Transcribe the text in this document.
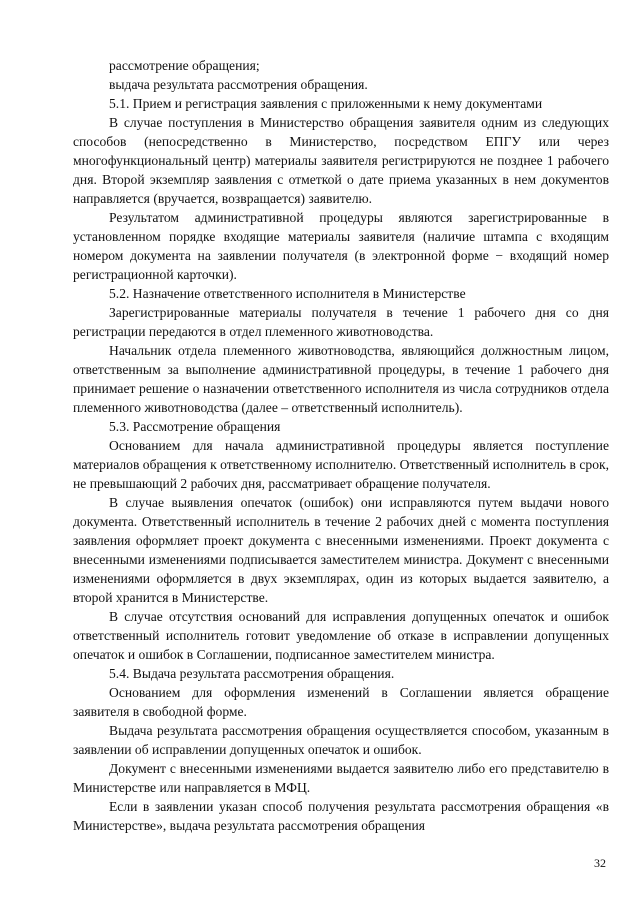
рассмотрение обращения;

выдача результата рассмотрения обращения.

5.1. Прием и регистрация заявления с приложенными к нему документами

В случае поступления в Министерство обращения заявителя одним из следующих способов (непосредственно в Министерство, посредством ЕПГУ или через многофункциональный центр) материалы заявителя регистрируются не позднее 1 рабочего дня. Второй экземпляр заявления с отметкой о дате приема указанных в нем документов направляется (вручается, возвращается) заявителю.

Результатом административной процедуры являются зарегистрированные в установленном порядке входящие материалы заявителя (наличие штампа с входящим номером документа на заявлении получателя (в электронной форме − входящий номер регистрационной карточки).

5.2. Назначение ответственного исполнителя в Министерстве

Зарегистрированные материалы получателя в течение 1 рабочего дня со дня регистрации передаются в отдел племенного животноводства.

Начальник отдела племенного животноводства, являющийся должностным лицом, ответственным за выполнение административной процедуры, в течение 1 рабочего дня принимает решение о назначении ответственного исполнителя из числа сотрудников отдела племенного животноводства (далее – ответственный исполнитель).

5.3. Рассмотрение обращения

Основанием для начала административной процедуры является поступление материалов обращения к ответственному исполнителю. Ответственный исполнитель в срок, не превышающий 2 рабочих дня, рассматривает обращение получателя.

В случае выявления опечаток (ошибок) они исправляются путем выдачи нового документа. Ответственный исполнитель в течение 2 рабочих дней с момента поступления заявления оформляет проект документа с внесенными изменениями. Проект документа с внесенными изменениями подписывается заместителем министра. Документ с внесенными изменениями оформляется в двух экземплярах, один из которых выдается заявителю, а второй хранится в Министерстве.

В случае отсутствия оснований для исправления допущенных опечаток и ошибок ответственный исполнитель готовит уведомление об отказе в исправлении допущенных опечаток и ошибок в Соглашении, подписанное заместителем министра.

5.4. Выдача результата рассмотрения обращения.

Основанием для оформления изменений в Соглашении является обращение заявителя в свободной форме.

Выдача результата рассмотрения обращения осуществляется способом, указанным в заявлении об исправлении допущенных опечаток и ошибок.

Документ с внесенными изменениями выдается заявителю либо его представителю в Министерстве или направляется в МФЦ.

Если в заявлении указан способ получения результата рассмотрения обращения «в Министерстве», выдача результата рассмотрения обращения

32
